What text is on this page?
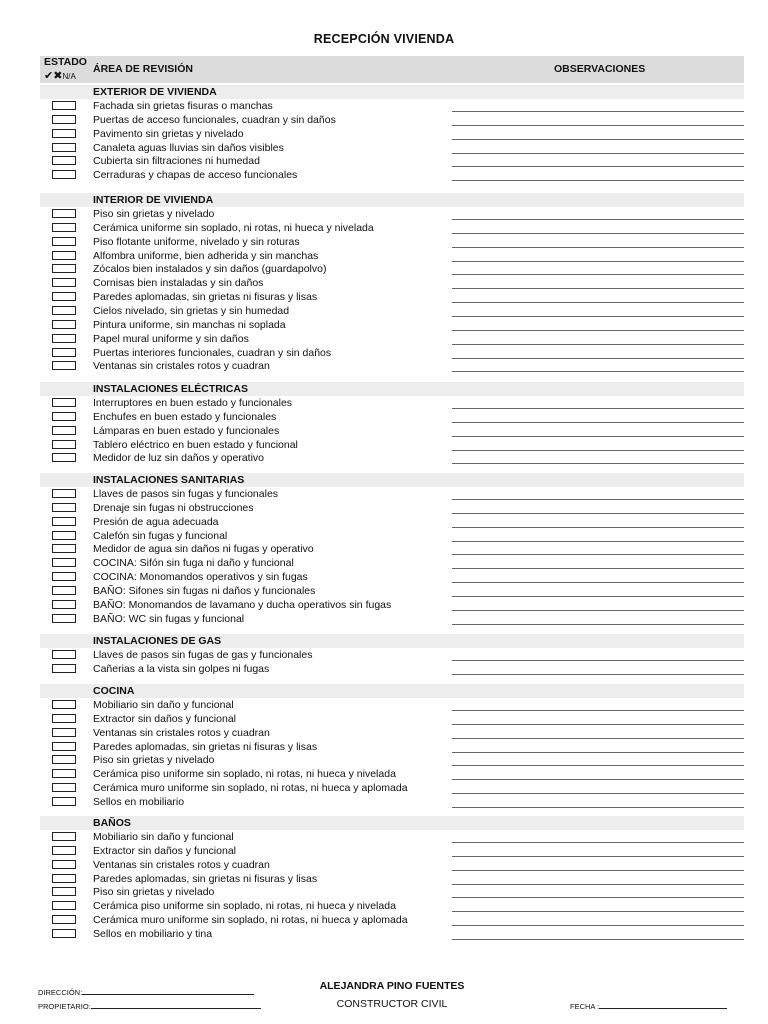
RECEPCIÓN VIVIENDA
ESTADO
✔✖N/A
ÁREA DE REVISIÓN	OBSERVACIONES
EXTERIOR DE VIVIENDA
Fachada sin grietas fisuras o manchas
Puertas de acceso funcionales, cuadran y sin daños
Pavimento sin grietas y nivelado
Canaleta aguas lluvias sin daños visibles
Cubierta sin filtraciones ni humedad
Cerraduras y chapas de acceso funcionales
INTERIOR DE VIVIENDA
Piso sin grietas y nivelado
Cerámica uniforme sin soplado, ni rotas, ni hueca y nivelada
Piso flotante uniforme, nivelado y sin roturas
Alfombra uniforme, bien adherida y sin manchas
Zócalos bien instalados y sin daños (guardapolvo)
Cornisas bien instaladas y sin daños
Paredes aplomadas, sin grietas ni fisuras y lisas
Cielos nivelado, sin grietas y sin humedad
Pintura uniforme, sin manchas ni soplada
Papel mural uniforme y sin daños
Puertas interiores funcionales, cuadran y sin daños
Ventanas sin cristales rotos y cuadran
INSTALACIONES ELÉCTRICAS
Interruptores en buen estado y funcionales
Enchufes en buen estado y funcionales
Lámparas en buen estado y funcionales
Tablero eléctrico en buen estado y funcional
Medidor de luz sin daños y operativo
INSTALACIONES SANITARIAS
Llaves de pasos sin fugas y funcionales
Drenaje sin fugas ni obstrucciones
Presión de agua adecuada
Calefón sin fugas y funcional
Medidor de agua sin daños ni fugas y operativo
COCINA: Sifón sin fuga ni daño y funcional
COCINA: Monomandos operativos y sin fugas
BAÑO: Sifones sin fugas ni daños y funcionales
BAÑO: Monomandos de lavamano y ducha operativos sin fugas
BAÑO: WC sin fugas y funcional
INSTALACIONES DE GAS
Llaves de pasos sin fugas de gas y funcionales
Cañerias a la vista sin golpes ni fugas
COCINA
Mobiliario sin daño y funcional
Extractor sin daños y funcional
Ventanas sin cristales rotos y cuadran
Paredes aplomadas, sin grietas ni fisuras y lisas
Piso sin grietas y nivelado
Cerámica piso uniforme sin soplado, ni rotas, ni hueca y nivelada
Cerámica muro uniforme sin soplado, ni rotas, ni hueca y aplomada
Sellos en mobiliario
BAÑOS
Mobiliario sin daño y funcional
Extractor sin daños y funcional
Ventanas sin cristales rotos y cuadran
Paredes aplomadas, sin grietas ni fisuras y lisas
Piso sin grietas y nivelado
Cerámica piso uniforme sin soplado, ni rotas, ni hueca y nivelada
Cerámica muro uniforme sin soplado, ni rotas, ni hueca y aplomada
Sellos en mobiliario y tina
DIRECCIÓN:
PROPIETARIO:
ALEJANDRA PINO FUENTES
CONSTRUCTOR CIVIL	FECHA :
